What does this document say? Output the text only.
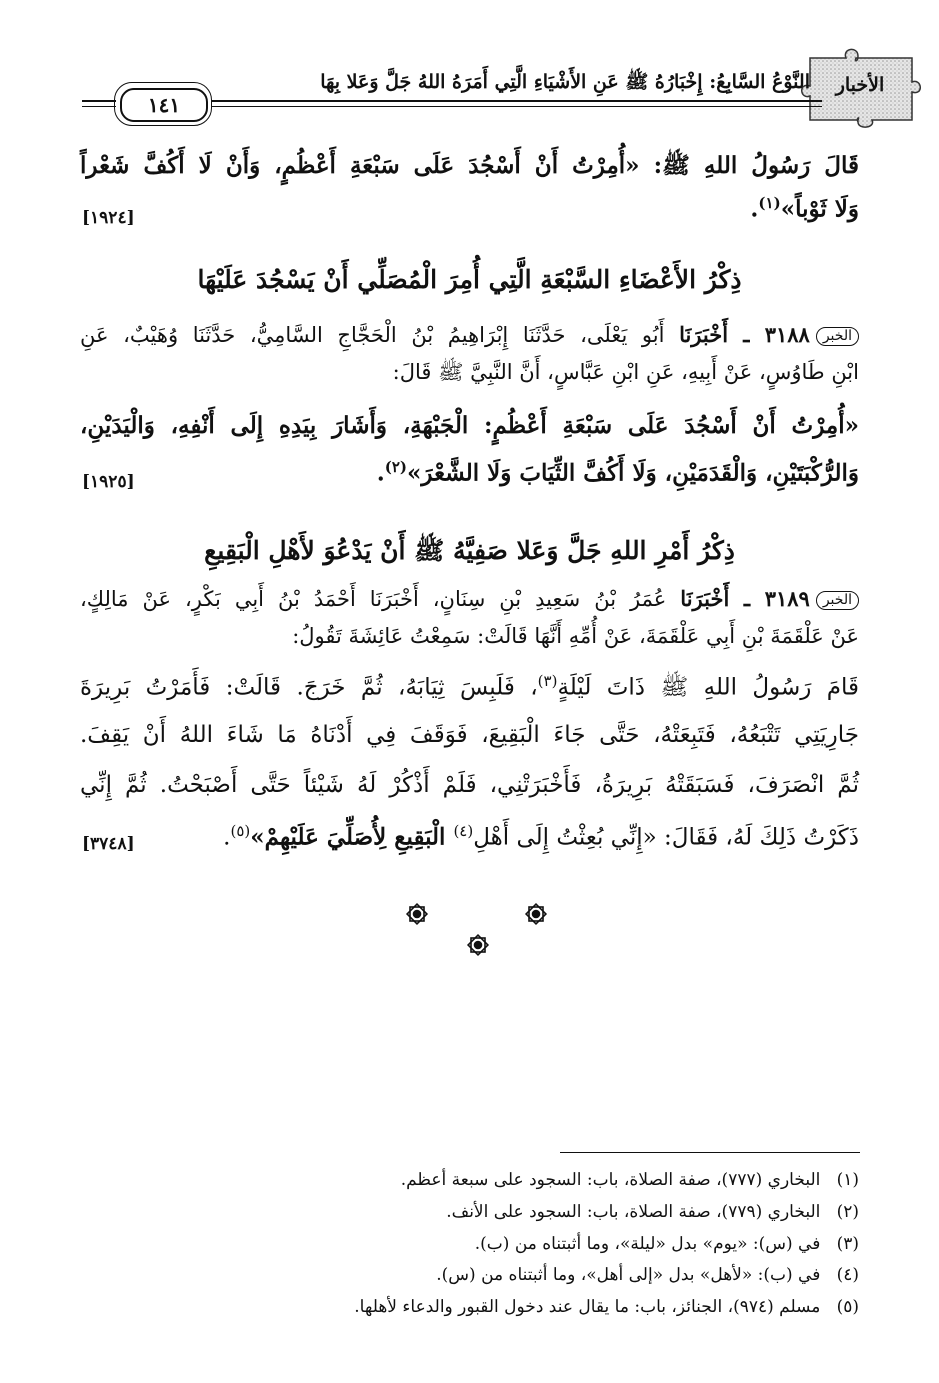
الأخبار
النَّوْعُ السَّابِعُ: إِخْبَارُهُ ﷺ عَنِ الأَشْيَاءِ الَّتِي أَمَرَهُ اللهُ جَلَّ وَعَلا بِهَا
١٤١
قَالَ رَسُولُ اللهِ ﷺ: «أُمِرْتُ أَنْ أَسْجُدَ عَلَى سَبْعَةِ أَعْظُمٍ، وَأَنْ لَا أَكُفَّ شَعْراً
وَلَا ثَوْباً»$^{(١)}$.
[١٩٢٤]
ذِكْرُ الأَعْضَاءِ السَّبْعَةِ الَّتِي أُمِرَ الْمُصَلِّي أَنْ يَسْجُدَ عَلَيْهَا
الخبر٣١٨٨ ـ أَخْبَرَنَا أَبُو يَعْلَى، حَدَّثَنَا إِبْرَاهِيمُ بْنُ الْحَجَّاجِ السَّامِيُّ، حَدَّثَنَا وُهَيْبٌ، عَنِ
ابْنِ طَاوُسٍ، عَنْ أَبِيهِ، عَنِ ابْنِ عَبَّاسٍ، أَنَّ النَّبِيَّ ﷺ قَالَ:
«أُمِرْتُ أَنْ أَسْجُدَ عَلَى سَبْعَةِ أَعْظُمٍ: الْجَبْهَةِ، وَأَشَارَ بِيَدِهِ إِلَى أَنْفِهِ، وَالْيَدَيْنِ،
وَالرُّكْبَتَيْنِ، وَالْقَدَمَيْنِ، وَلَا أَكُفَّ الثِّيَابَ وَلَا الشَّعْرَ»$^{(٢)}$.
[١٩٢٥]
ذِكْرُ أَمْرِ اللهِ جَلَّ وَعَلا صَفِيَّهُ ﷺ أَنْ يَدْعُوَ لأَهْلِ الْبَقِيعِ
الخبر٣١٨٩ ـ أَخْبَرَنَا عُمَرُ بْنُ سَعِيدِ بْنِ سِنَانٍ، أَخْبَرَنَا أَحْمَدُ بْنُ أَبِي بَكْرٍ، عَنْ مَالِكٍ،
عَنْ عَلْقَمَةَ بْنِ أَبِي عَلْقَمَةَ، عَنْ أُمِّهِ أَنَّهَا قَالَتْ: سَمِعْتُ عَائِشَةَ تَقُولُ:
قَامَ رَسُولُ اللهِ ﷺ ذَاتَ لَيْلَةٍ$^{(٣)}$، فَلَبِسَ ثِيَابَهُ، ثُمَّ خَرَجَ. قَالَتْ: فَأَمَرْتُ بَرِيرَةَ
جَارِيَتِي تَتْبَعُهُ، فَتَبِعَتْهُ، حَتَّى جَاءَ الْبَقِيعَ، فَوَقَفَ فِي أَدْنَاهُ مَا شَاءَ اللهُ أَنْ يَقِفَ.
ثُمَّ انْصَرَفَ، فَسَبَقَتْهُ بَرِيرَةُ، فَأَخْبَرَتْنِي، فَلَمْ أَذْكُرْ لَهُ شَيْئاً حَتَّى أَصْبَحْتُ. ثُمَّ إِنِّي
ذَكَرْتُ ذَلِكَ لَهُ، فَقَالَ: «إِنِّي بُعِثْتُ إِلَى أَهْلِ$^{(٤)}$ الْبَقِيعِ لِأُصَلِّيَ عَلَيْهِمْ»$^{(٥)}$.
[٣٧٤٨]
(١)   البخاري (٧٧٧)، صفة الصلاة، باب: السجود على سبعة أعظم.
(٢)   البخاري (٧٧٩)، صفة الصلاة، باب: السجود على الأنف.
(٣)   في (س): «يوم» بدل «ليلة»، وما أثبتناه من (ب).
(٤)   في (ب): «لأهل» بدل «إلى أهل»، وما أثبتناه من (س).
(٥)   مسلم (٩٧٤)، الجنائز، باب: ما يقال عند دخول القبور والدعاء لأهلها.
